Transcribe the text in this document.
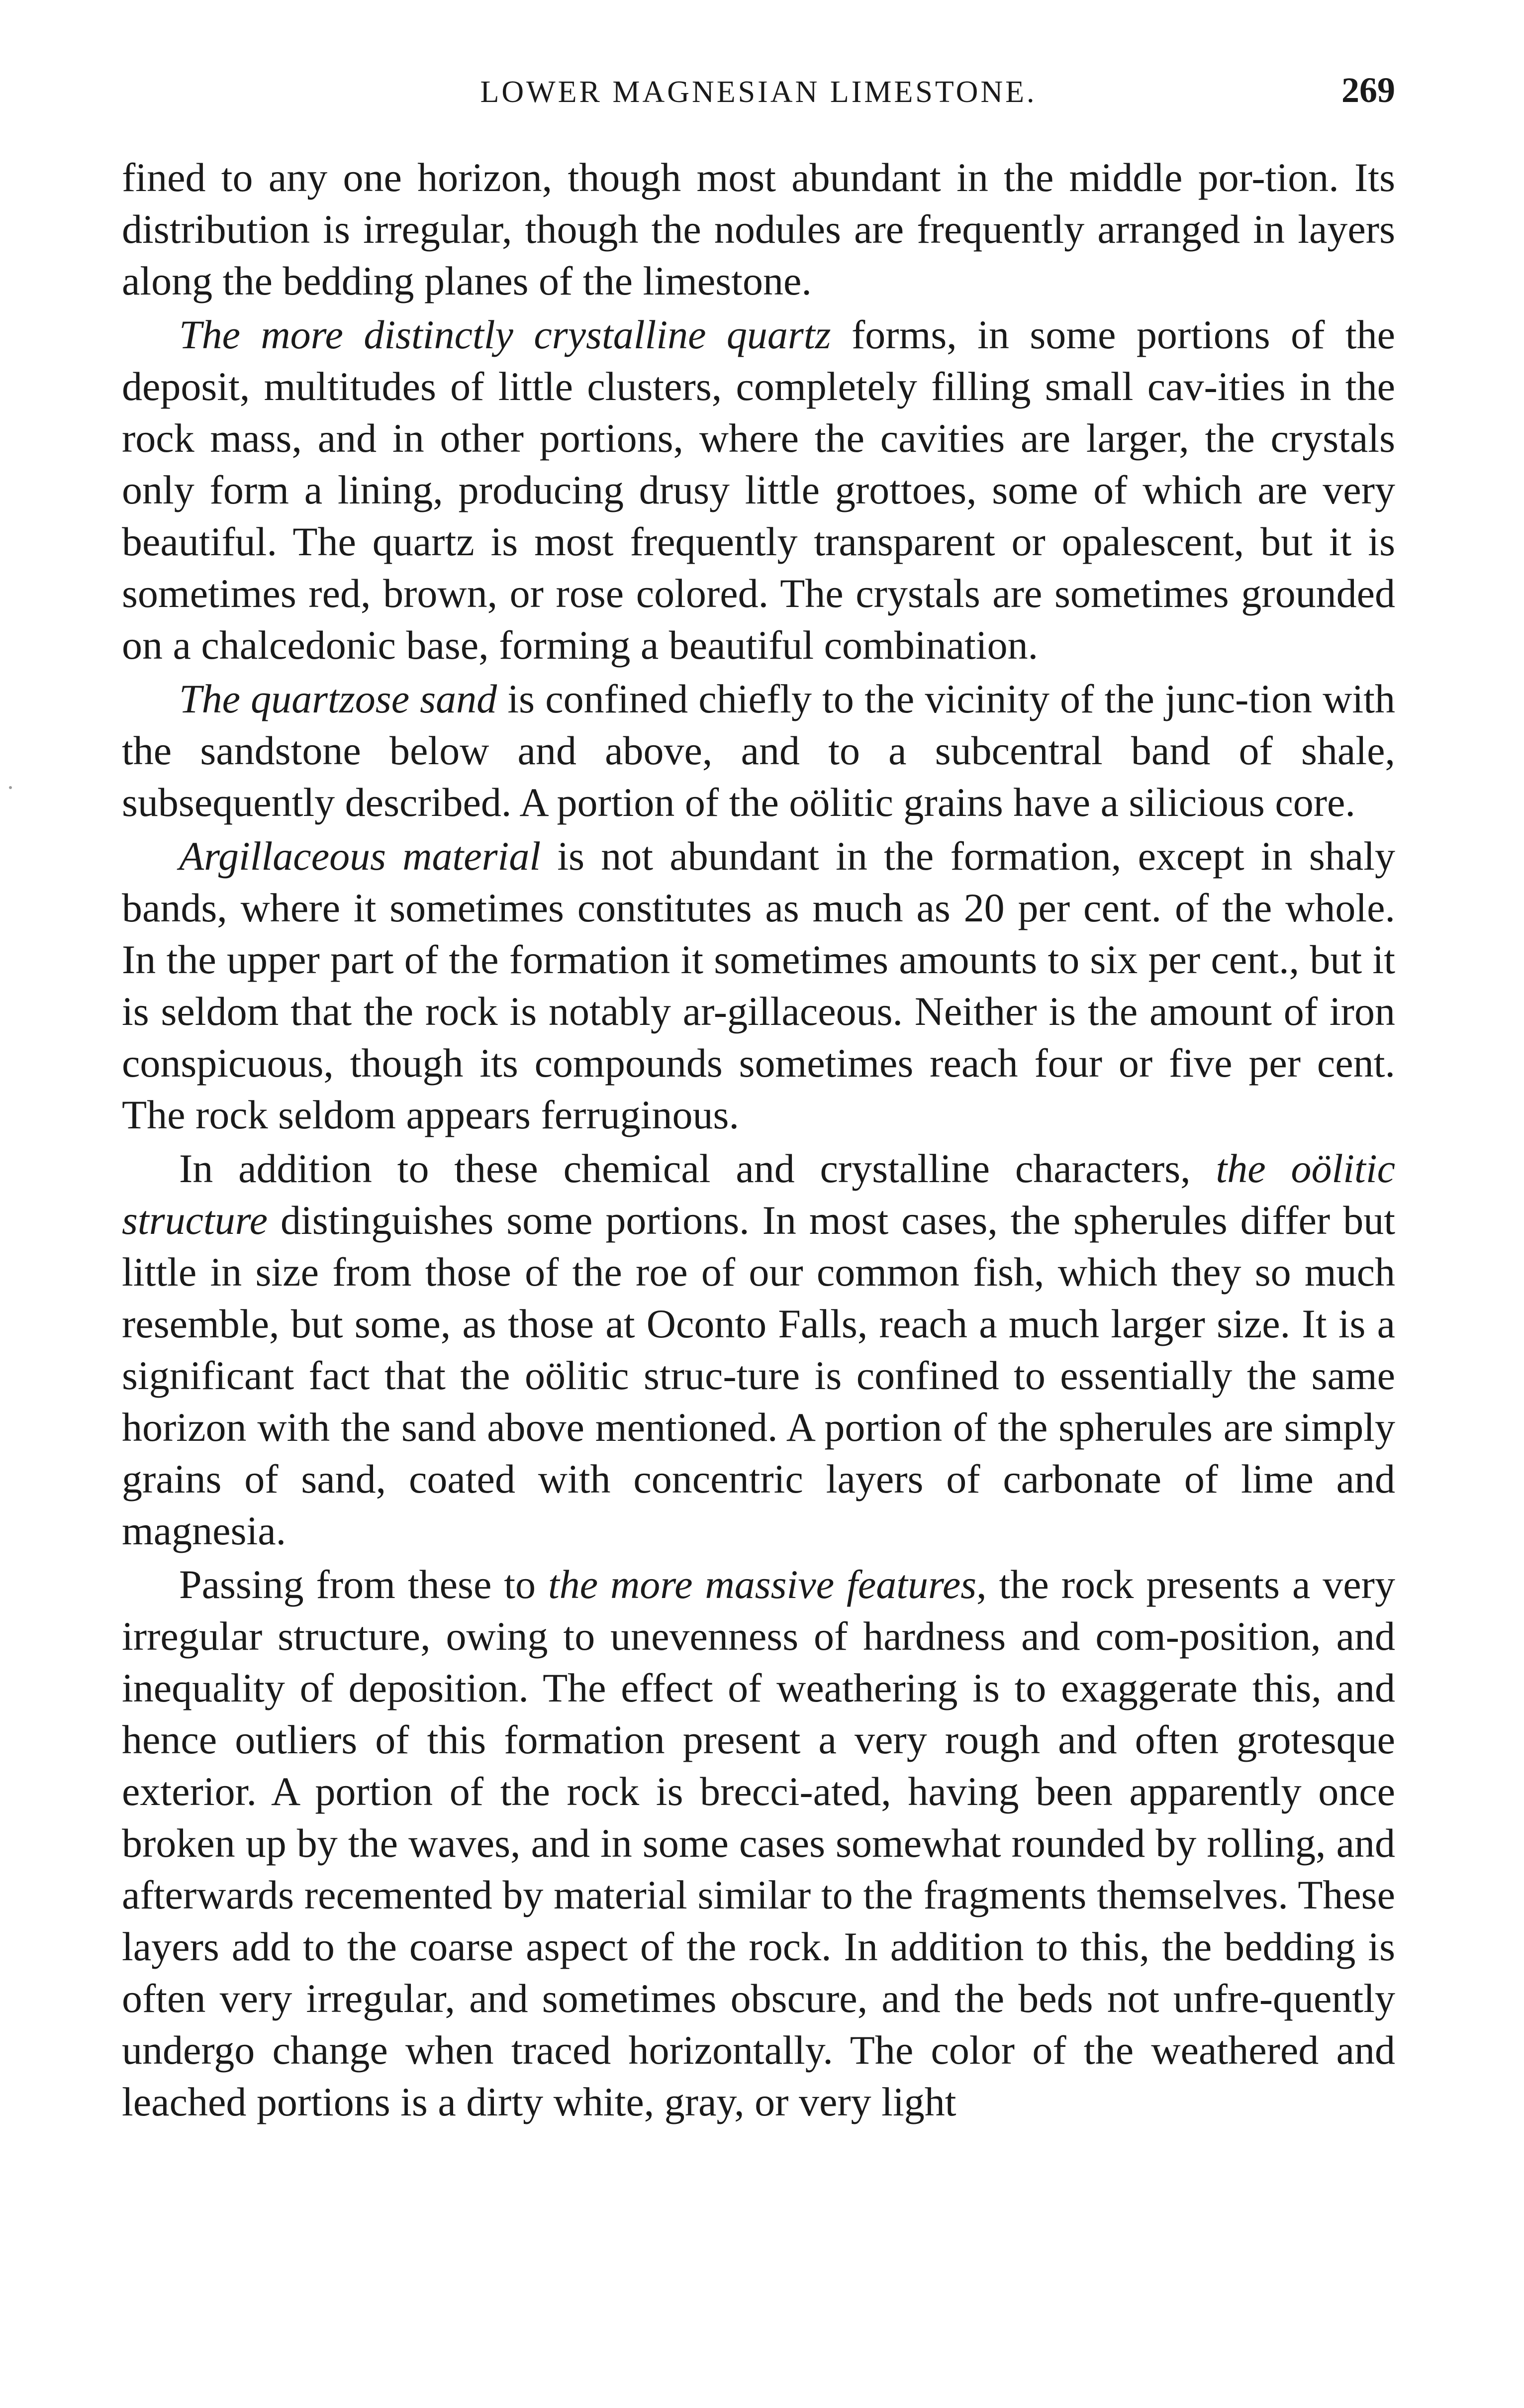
LOWER MAGNESIAN LIMESTONE.	269

fined to any one horizon, though most abundant in the middle por-tion. Its distribution is irregular, though the nodules are frequently arranged in layers along the bedding planes of the limestone.

The more distinctly crystalline quartz forms, in some portions of the deposit, multitudes of little clusters, completely filling small cav-ities in the rock mass, and in other portions, where the cavities are larger, the crystals only form a lining, producing drusy little grottoes, some of which are very beautiful. The quartz is most frequently transparent or opalescent, but it is sometimes red, brown, or rose colored. The crystals are sometimes grounded on a chalcedonic base, forming a beautiful combination.

The quartzose sand is confined chiefly to the vicinity of the junc-tion with the sandstone below and above, and to a subcentral band of shale, subsequently described. A portion of the oölitic grains have a silicious core.

Argillaceous material is not abundant in the formation, except in shaly bands, where it sometimes constitutes as much as 20 per cent. of the whole. In the upper part of the formation it sometimes amounts to six per cent., but it is seldom that the rock is notably ar-gillaceous. Neither is the amount of iron conspicuous, though its compounds sometimes reach four or five per cent. The rock seldom appears ferruginous.

In addition to these chemical and crystalline characters, the oölitic structure distinguishes some portions. In most cases, the spherules differ but little in size from those of the roe of our common fish, which they so much resemble, but some, as those at Oconto Falls, reach a much larger size. It is a significant fact that the oölitic struc-ture is confined to essentially the same horizon with the sand above mentioned. A portion of the spherules are simply grains of sand, coated with concentric layers of carbonate of lime and magnesia.

Passing from these to the more massive features, the rock presents a very irregular structure, owing to unevenness of hardness and com-position, and inequality of deposition. The effect of weathering is to exaggerate this, and hence outliers of this formation present a very rough and often grotesque exterior. A portion of the rock is brecci-ated, having been apparently once broken up by the waves, and in some cases somewhat rounded by rolling, and afterwards recemented by material similar to the fragments themselves. These layers add to the coarse aspect of the rock. In addition to this, the bedding is often very irregular, and sometimes obscure, and the beds not unfre-quently undergo change when traced horizontally. The color of the weathered and leached portions is a dirty white, gray, or very light
